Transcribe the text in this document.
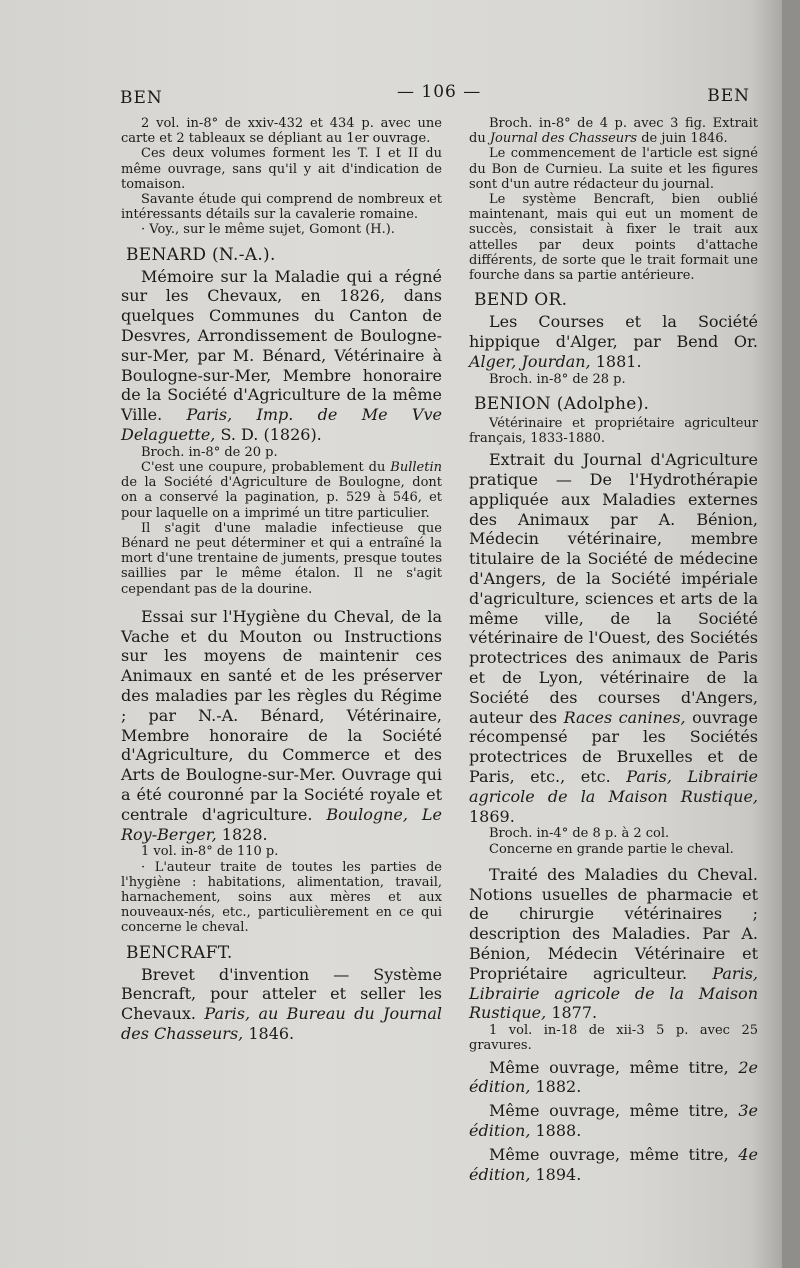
BEN	— 106 —	BEN

2 vol. in-8° de xxiv-432 et 434 p. avec une carte et 2 tableaux se dépliant au 1er ouvrage.

Ces deux volumes forment les T. I et II du même ouvrage, sans qu'il y ait d'indication de tomaison.

Savante étude qui comprend de nombreux et intéressants détails sur la cavalerie romaine.

· Voy., sur le même sujet, Gomont (H.).

BENARD (N.-A.).

Mémoire sur la Maladie qui a régné sur les Chevaux, en 1826, dans quelques Communes du Canton de Desvres, Arrondissement de Boulogne-sur-Mer, par M. Bénard, Vétérinaire à Boulogne-sur-Mer, Membre honoraire de la Société d'Agriculture de la même Ville. Paris, Imp. de Me Vve Delaguette, S. D. (1826).

Broch. in-8° de 20 p.

C'est une coupure, probablement du Bulletin de la Société d'Agriculture de Boulogne, dont on a conservé la pagination, p. 529 à 546, et pour laquelle on a imprimé un titre particulier.

Il s'agit d'une maladie infectieuse que Bénard ne peut déterminer et qui a entraîné la mort d'une trentaine de juments, presque toutes saillies par le même étalon. Il ne s'agit cependant pas de la dourine.

Essai sur l'Hygiène du Cheval, de la Vache et du Mouton ou Instructions sur les moyens de maintenir ces Animaux en santé et de les préserver des maladies par les règles du Régime ; par N.-A. Bénard, Vétérinaire, Membre honoraire de la Société d'Agriculture, du Commerce et des Arts de Boulogne-sur-Mer. Ouvrage qui a été couronné par la Société royale et centrale d'agriculture. Boulogne, Le Roy-Berger, 1828.

1 vol. in-8° de 110 p.

· L'auteur traite de toutes les parties de l'hygiène : habitations, alimentation, travail, harnachement, soins aux mères et aux nouveaux-nés, etc., particulièrement en ce qui concerne le cheval.

BENCRAFT.

Brevet d'invention — Système Bencraft, pour atteler et seller les Chevaux. Paris, au Bureau du Journal des Chasseurs, 1846.

Broch. in-8° de 4 p. avec 3 fig. Extrait du Journal des Chasseurs de juin 1846.

Le commencement de l'article est signé du Bon de Curnieu. La suite et les figures sont d'un autre rédacteur du journal.

Le système Bencraft, bien oublié maintenant, mais qui eut un moment de succès, consistait à fixer le trait aux attelles par deux points d'attache différents, de sorte que le trait formait une fourche dans sa partie antérieure.

BEND OR.

Les Courses et la Société hippique d'Alger, par Bend Or. Alger, Jourdan, 1881.

Broch. in-8° de 28 p.

BENION (Adolphe).

Vétérinaire et propriétaire agriculteur français, 1833-1880.

Extrait du Journal d'Agriculture pratique — De l'Hydrothérapie appliquée aux Maladies externes des Animaux par A. Bénion, Médecin vétérinaire, membre titulaire de la Société de médecine d'Angers, de la Société impériale d'agriculture, sciences et arts de la même ville, de la Société vétérinaire de l'Ouest, des Sociétés protectrices des animaux de Paris et de Lyon, vétérinaire de la Société des courses d'Angers, auteur des Races canines, ouvrage récompensé par les Sociétés protectrices de Bruxelles et de Paris, etc., etc. Paris, Librairie agricole de la Maison Rustique, 1869.

Broch. in-4° de 8 p. à 2 col.

Concerne en grande partie le cheval.

Traité des Maladies du Cheval. Notions usuelles de pharmacie et de chirurgie vétérinaires ; description des Maladies. Par A. Bénion, Médecin Vétérinaire et Propriétaire agriculteur. Paris, Librairie agricole de la Maison Rustique, 1877.

1 vol. in-18 de xii-3 5 p. avec 25 gravures.

Même ouvrage, même titre, 2e édition, 1882.

Même ouvrage, même titre, 3e édition, 1888.

Même ouvrage, même titre, 4e édition, 1894.
